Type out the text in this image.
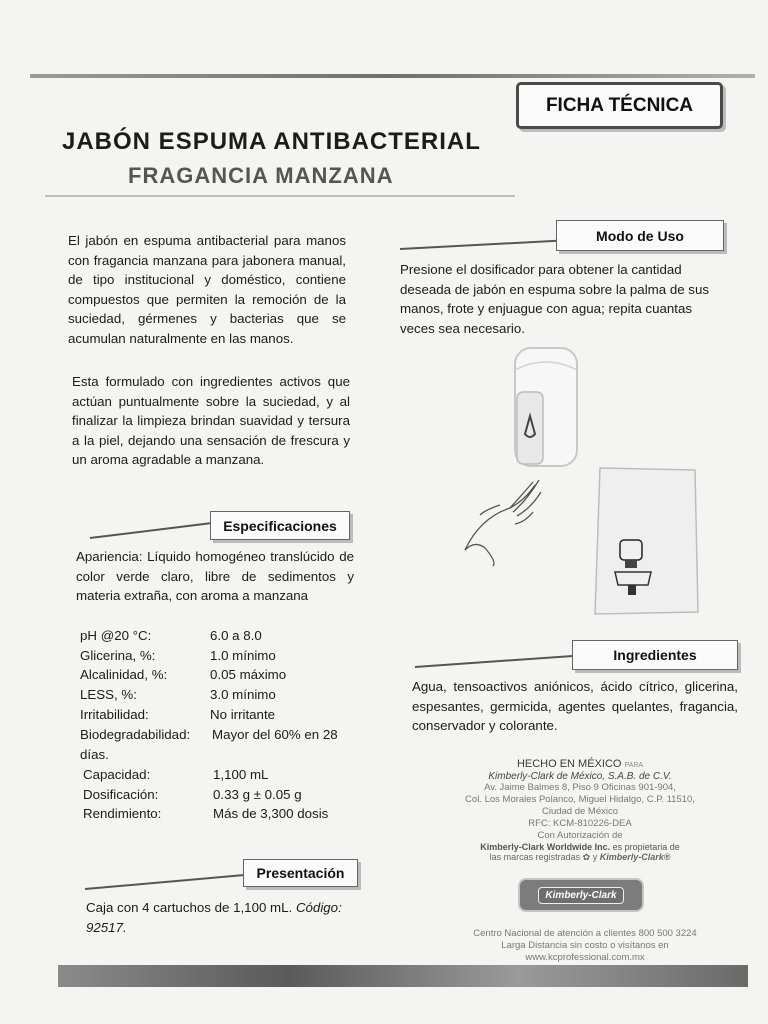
FICHA TÉCNICA
JABÓN ESPUMA ANTIBACTERIAL
FRAGANCIA MANZANA
El jabón en espuma antibacterial para manos con fragancia manzana para jabonera manual, de tipo institucional y doméstico, contiene compuestos que permiten la remoción de la suciedad, gérmenes y bacterias que se acumulan naturalmente en las manos.
Esta formulado con ingredientes activos que actúan puntualmente sobre la suciedad, y al finalizar la limpieza brindan suavidad y tersura a la piel, dejando una sensación de frescura y un aroma agradable a manzana.
Especificaciones
Apariencia: Líquido homogéneo translúcido de color verde claro, libre de sedimentos y materia extraña, con aroma a manzana
pH @20 °C:	6.0 a 8.0
Glicerina, %:	1.0 mínimo
Alcalinidad, %:	0.05 máximo
LESS, %:	3.0 mínimo
Irritabilidad:	No irritante
Biodegradabilidad: Mayor del 60% en 28
días.
Capacidad:	1,100 mL
Dosificación:	0.33 g ± 0.05 g
Rendimiento:	Más de 3,300 dosis
Presentación
Caja con 4 cartuchos de 1,100 mL. Código: 92517.
Modo de Uso
Presione el dosificador para obtener la cantidad deseada de jabón en espuma sobre la palma de sus manos, frote y enjuague con agua; repita cuantas veces sea necesario.
Ingredientes
Agua, tensoactivos aniónicos, ácido cítrico, glicerina, espesantes, germicida, agentes quelantes, fragancia, conservador y colorante.
HECHO EN MÉXICO PARA
Kimberly-Clark de México, S.A.B. de C.V.
Av. Jaime Balmes 8, Piso 9 Oficinas 901-904,
Col. Los Morales Polanco, Miguel Hidalgo, C.P. 11510,
Ciudad de México
RFC: KCM-810226-DEA
Con Autorización de
Kimberly-Clark Worldwide Inc. es propietaria de
las marcas registradas ✿ y Kimberly-Clark®
Kimberly-Clark
Centro Nacional de atención a clientes 800 500 3224
Larga Distancia sin costo o visítanos en
www.kcprofessional.com.mx
